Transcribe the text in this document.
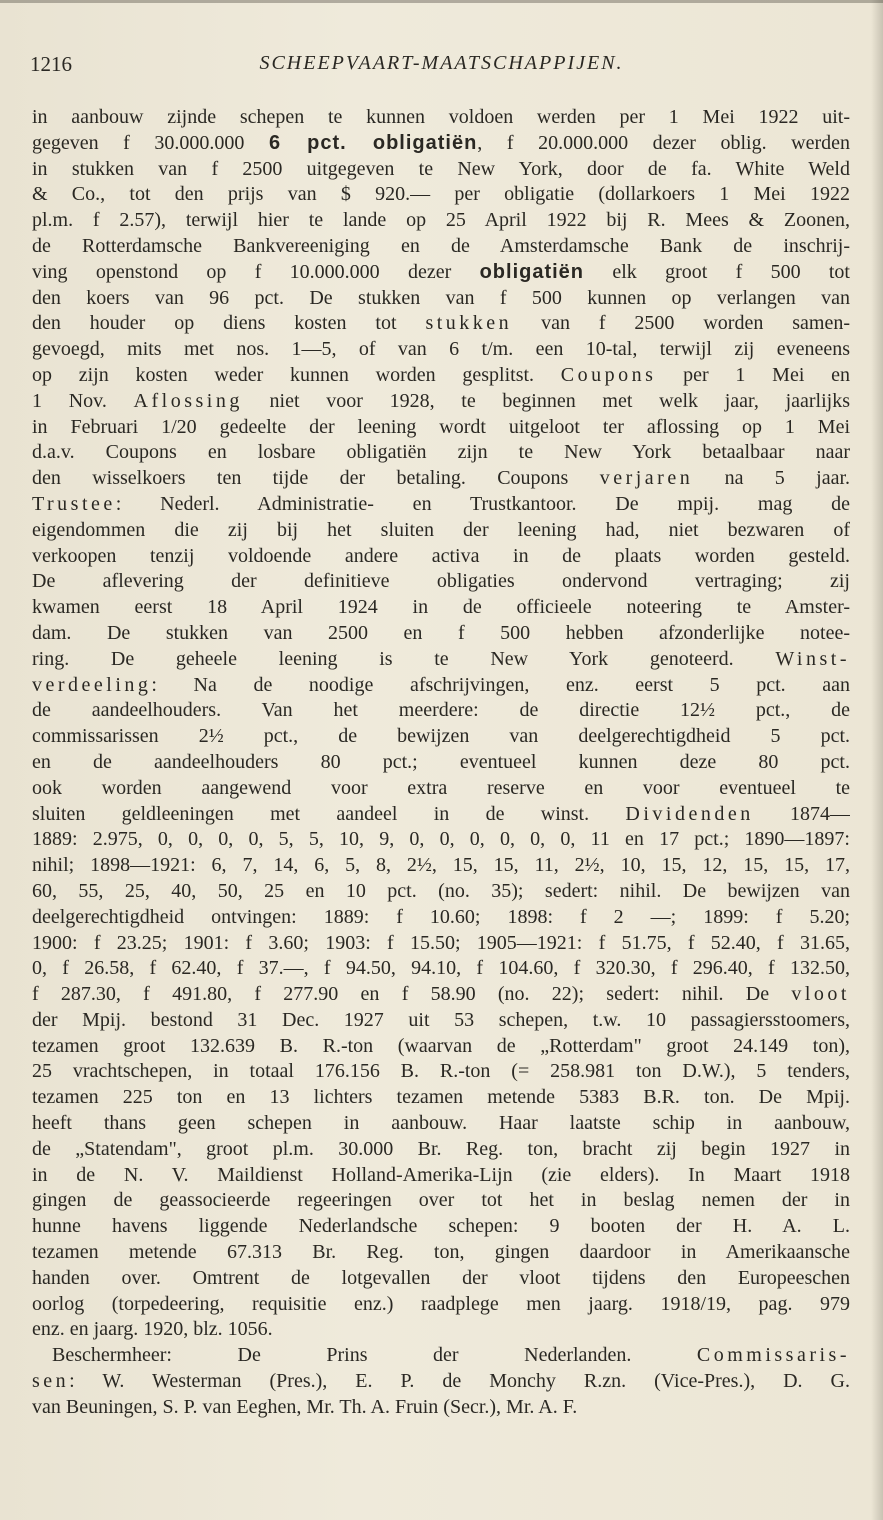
1216	SCHEEPVAART-MAATSCHAPPIJEN.
in aanbouw zijnde schepen te kunnen voldoen werden per 1 Mei 1922 uit-
gegeven f 30.000.000 6 pct. obligatiën, f 20.000.000 dezer oblig. werden
in stukken van f 2500 uitgegeven te New York, door de fa. White Weld
& Co., tot den prijs van $ 920.— per obligatie (dollarkoers 1 Mei 1922
pl.m. f 2.57), terwijl hier te lande op 25 April 1922 bij R. Mees & Zoonen,
de Rotterdamsche Bankvereeniging en de Amsterdamsche Bank de inschrij-
ving openstond op f 10.000.000 dezer obligatiën elk groot f 500 tot
den koers van 96 pct. De stukken van f 500 kunnen op verlangen van
den houder op diens kosten tot stukken van f 2500 worden samen-
gevoegd, mits met nos. 1—5, of van 6 t/m. een 10-tal, terwijl zij eveneens
op zijn kosten weder kunnen worden gesplitst. Coupons per 1 Mei en
1 Nov. Aflossing niet voor 1928, te beginnen met welk jaar, jaarlijks
in Februari 1/20 gedeelte der leening wordt uitgeloot ter aflossing op 1 Mei
d.a.v. Coupons en losbare obligatiën zijn te New York betaalbaar naar
den wisselkoers ten tijde der betaling. Coupons verjaren na 5 jaar.
Trustee: Nederl. Administratie- en Trustkantoor. De mpij. mag de
eigendommen die zij bij het sluiten der leening had, niet bezwaren of
verkoopen tenzij voldoende andere activa in de plaats worden gesteld.
De aflevering der definitieve obligaties ondervond vertraging; zij
kwamen eerst 18 April 1924 in de officieele noteering te Amster-
dam. De stukken van 2500 en f 500 hebben afzonderlijke notee-
ring. De geheele leening is te New York genoteerd. Winst-
verdeeling: Na de noodige afschrijvingen, enz. eerst 5 pct. aan
de aandeelhouders. Van het meerdere: de directie 12½ pct., de
commissarissen 2½ pct., de bewijzen van deelgerechtigdheid 5 pct.
en de aandeelhouders 80 pct.; eventueel kunnen deze 80 pct.
ook worden aangewend voor extra reserve en voor eventueel te
sluiten geldleeningen met aandeel in de winst. Dividenden 1874—
1889: 2.975, 0, 0, 0, 0, 5, 5, 10, 9, 0, 0, 0, 0, 0, 0, 11 en 17 pct.; 1890—1897:
nihil; 1898—1921: 6, 7, 14, 6, 5, 8, 2½, 15, 15, 11, 2½, 10, 15, 12, 15, 15, 17,
60, 55, 25, 40, 50, 25 en 10 pct. (no. 35); sedert: nihil. De bewijzen van
deelgerechtigdheid ontvingen: 1889: f 10.60; 1898: f 2 —; 1899: f 5.20;
1900: f 23.25; 1901: f 3.60; 1903: f 15.50; 1905—1921: f 51.75, f 52.40, f 31.65,
0, f 26.58, f 62.40, f 37.—, f 94.50, 94.10, f 104.60, f 320.30, f 296.40, f 132.50,
f 287.30, f 491.80, f 277.90 en f 58.90 (no. 22); sedert: nihil. De vloot
der Mpij. bestond 31 Dec. 1927 uit 53 schepen, t.w. 10 passagiersstoomers,
tezamen groot 132.639 B. R.-ton (waarvan de „Rotterdam" groot 24.149 ton),
25 vrachtschepen, in totaal 176.156 B. R.-ton (= 258.981 ton D.W.), 5 tenders,
tezamen 225 ton en 13 lichters tezamen metende 5383 B.R. ton. De Mpij.
heeft thans geen schepen in aanbouw. Haar laatste schip in aanbouw,
de „Statendam", groot pl.m. 30.000 Br. Reg. ton, bracht zij begin 1927 in
in de N. V. Maildienst Holland-Amerika-Lijn (zie elders). In Maart 1918
gingen de geassocieerde regeeringen over tot het in beslag nemen der in
hunne havens liggende Nederlandsche schepen: 9 booten der H. A. L.
tezamen metende 67.313 Br. Reg. ton, gingen daardoor in Amerikaansche
handen over. Omtrent de lotgevallen der vloot tijdens den Europeeschen
oorlog (torpedeering, requisitie enz.) raadplege men jaarg. 1918/19, pag. 979
enz. en jaarg. 1920, blz. 1056.
Beschermheer: De Prins der Nederlanden. Commissaris-
sen: W. Westerman (Pres.), E. P. de Monchy R.zn. (Vice-Pres.), D. G.
van Beuningen, S. P. van Eeghen, Mr. Th. A. Fruin (Secr.), Mr. A. F.
